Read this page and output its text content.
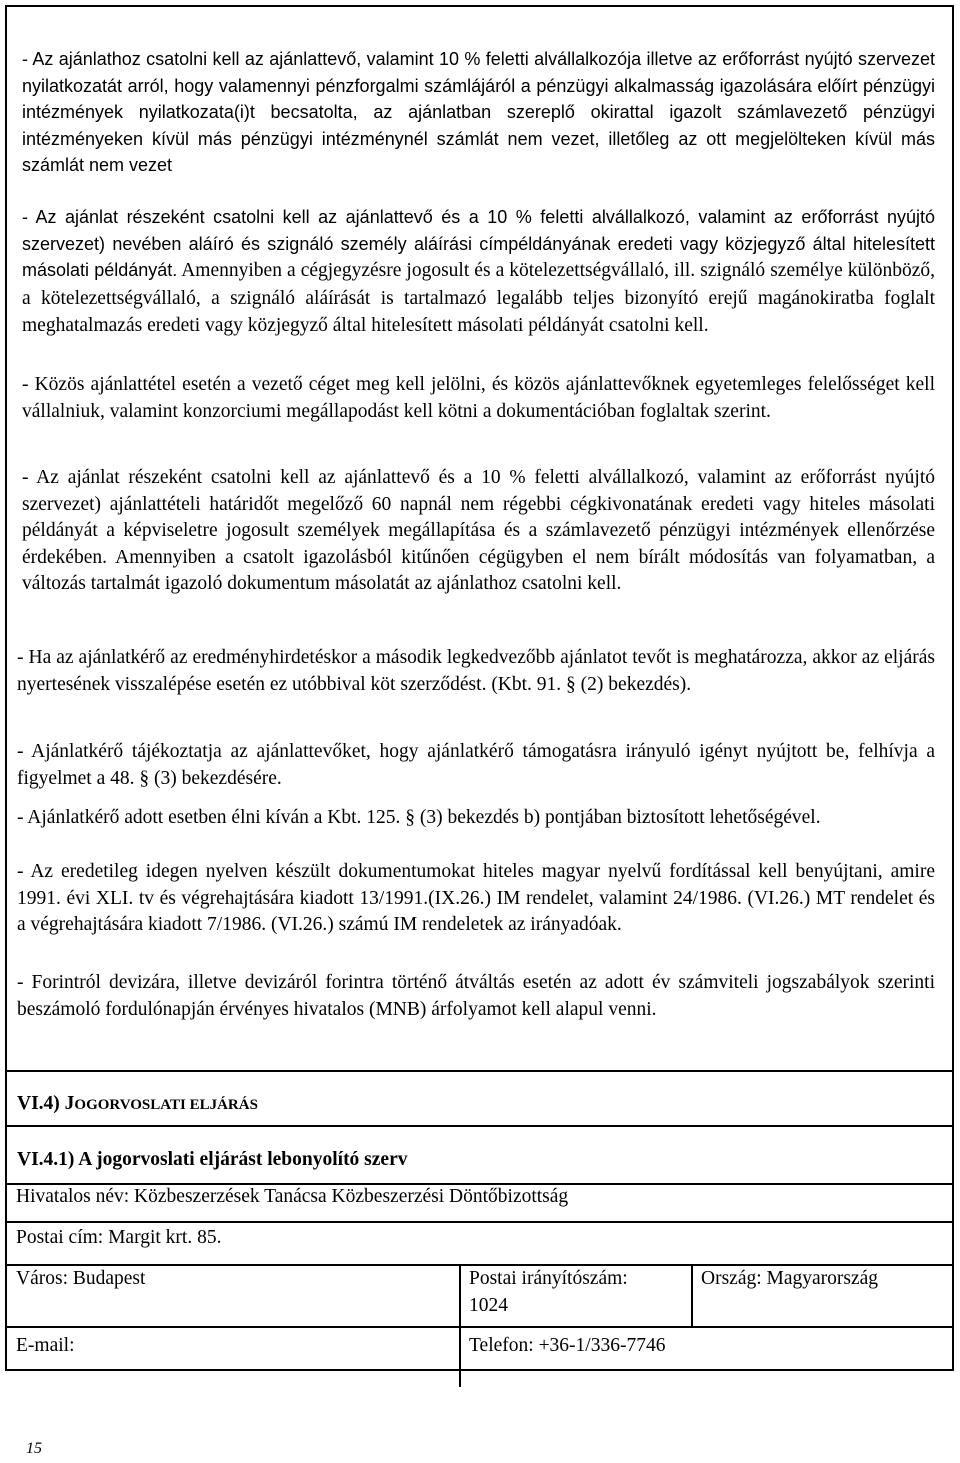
- Az ajánlathoz csatolni kell az ajánlattevő, valamint 10 % feletti alvállalkozója illetve az erőforrást nyújtó szervezet nyilatkozatát arról, hogy valamennyi pénzforgalmi számlájáról a pénzügyi alkalmasság igazolására előírt pénzügyi intézmények nyilatkozata(i)t becsatolta, az ajánlatban szereplő okirattal igazolt számlavezető pénzügyi intézményeken kívül más pénzügyi intézménynél számlát nem vezet, illetőleg az ott megjelölteken kívül más számlát nem vezet

- Az ajánlat részeként csatolni kell az ajánlattevő és a 10 % feletti alvállalkozó, valamint az erőforrást nyújtó szervezet) nevében aláíró és szignáló személy aláírási címpéldányának eredeti vagy közjegyző által hitelesített másolati példányát. Amennyiben a cégjegyzésre jogosult és a kötelezettségvállaló, ill. szignáló személye különböző, a kötelezettségvállaló, a szignáló aláírását is tartalmazó legalább teljes bizonyító erejű magánokiratba foglalt meghatalmazás eredeti vagy közjegyző által hitelesített másolati példányát csatolni kell.

- Közös ajánlattétel esetén a vezető céget meg kell jelölni, és közös ajánlattevőknek egyetemleges felelősséget kell vállalniuk, valamint konzorciumi megállapodást kell kötni a dokumentációban foglaltak szerint.

- Az ajánlat részeként csatolni kell az ajánlattevő és a 10 % feletti alvállalkozó, valamint az erőforrást nyújtó szervezet) ajánlattételi határidőt megelőző 60 napnál nem régebbi cégkivonatának eredeti vagy hiteles másolati példányát a képviseletre jogosult személyek megállapítása és a számlavezető pénzügyi intézmények ellenőrzése érdekében. Amennyiben a csatolt igazolásból kitűnően cégügyben el nem bírált módosítás van folyamatban, a változás tartalmát igazoló dokumentum másolatát az ajánlathoz csatolni kell.

- Ha az ajánlatkérő az eredményhirdetéskor a második legkedvezőbb ajánlatot tevőt is meghatározza, akkor az eljárás nyertesének visszalépése esetén ez utóbbival köt szerződést. (Kbt. 91. § (2) bekezdés).

- Ajánlatkérő tájékoztatja az ajánlattevőket, hogy ajánlatkérő támogatásra irányuló igényt nyújtott be, felhívja a figyelmet a 48. § (3) bekezdésére.

- Ajánlatkérő adott esetben élni kíván a Kbt. 125. § (3) bekezdés b) pontjában biztosított lehetőségével.

- Az eredetileg idegen nyelven készült dokumentumokat hiteles magyar nyelvű fordítással kell benyújtani, amire 1991. évi XLI. tv és végrehajtására kiadott 13/1991.(IX.26.) IM rendelet, valamint 24/1986. (VI.26.) MT rendelet és a végrehajtására kiadott 7/1986. (VI.26.) számú IM rendeletek az irányadóak.

- Forintról devizára, illetve devizáról forintra történő átváltás esetén az adott év számviteli jogszabályok szerinti beszámoló fordulónapján érvényes hivatalos (MNB) árfolyamot kell alapul venni.

VI.4) JOGORVOSLATI ELJÁRÁS
VI.4.1) A jogorvoslati eljárást lebonyolító szerv
Hivatalos név: Közbeszerzések Tanácsa Közbeszerzési Döntőbizottság
Postai cím: Margit krt. 85.
Város: Budapest	Postai irányítószám:
1024
Ország: Magyarország
E-mail:	Telefon: +36-1/336-7746
15
